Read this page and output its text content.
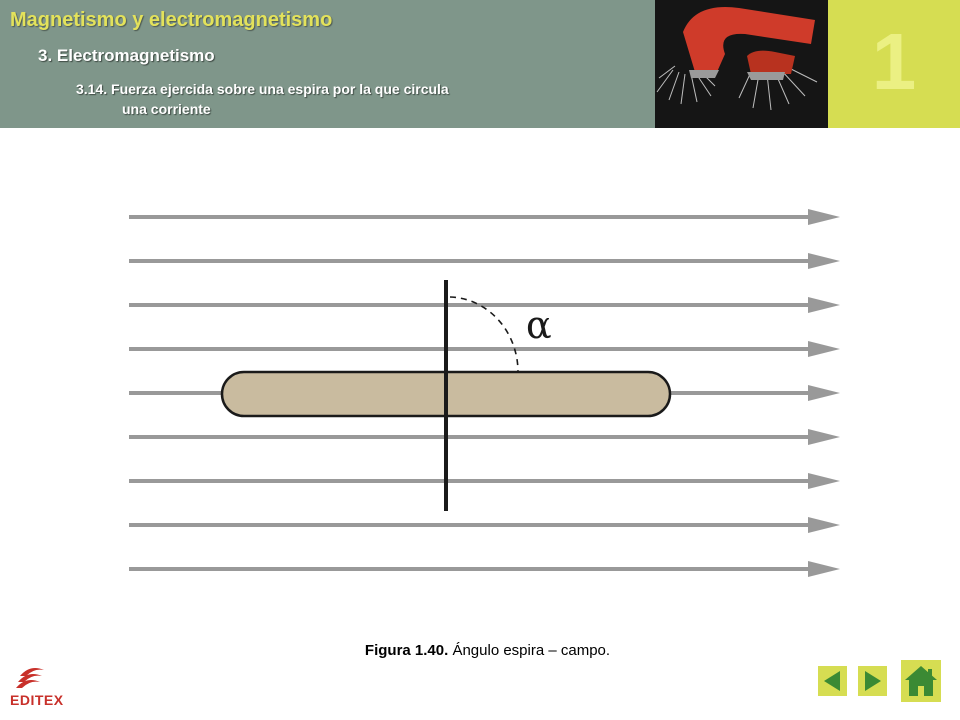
Magnetismo y electromagnetismo
3. Electromagnetismo
3.14. Fuerza ejercida sobre una espira por la que circula
una corriente
1
α
Figura 1.40. Ángulo espira – campo.
EDITEX
